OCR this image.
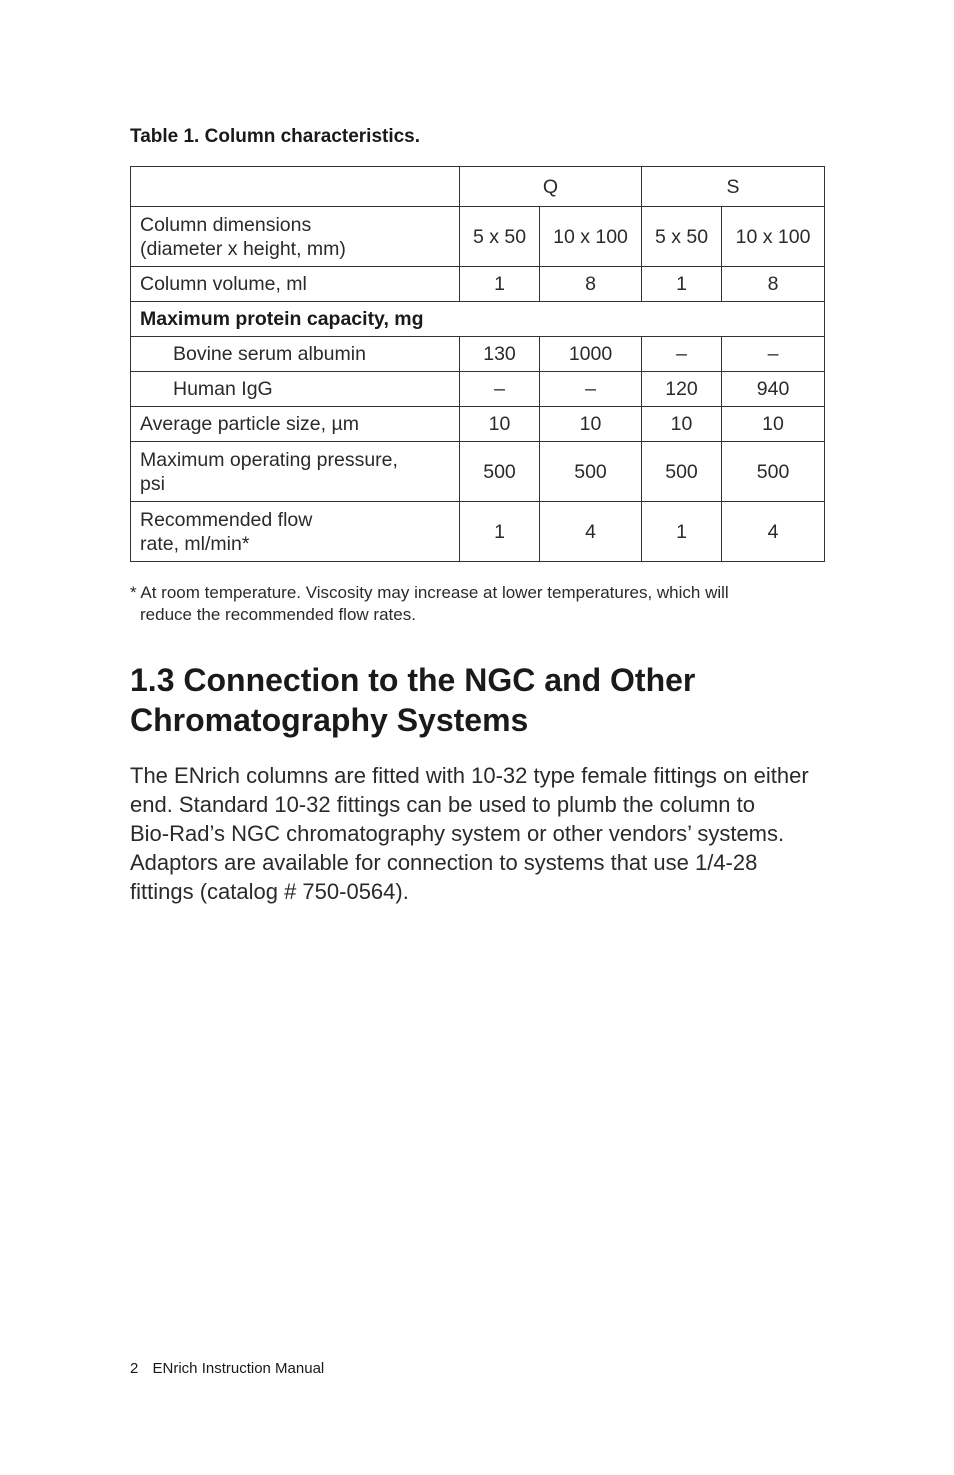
Table 1. Column characteristics.

	Q		S	
Column dimensions
(diameter x height, mm)	5 x 50	10 x 100	5 x 50	10 x 100
Column volume, ml	1	8	1	8
Maximum protein capacity, mg				
Bovine serum albumin	130	1000	–	–
Human IgG	–	–	120	940
Average particle size, µm	10	10	10	10
Maximum operating pressure,
psi	500	500	500	500
Recommended flow
rate, ml/min*	1	4	1	4

* At room temperature. Viscosity may increase at lower temperatures, which will
reduce the recommended flow rates.

1.3 Connection to the NGC and Other
Chromatography Systems

The ENrich columns are fitted with 10-32 type female fittings on either
end. Standard 10-32 fittings can be used to plumb the column to
Bio-Rad’s NGC chromatography system or other vendors’ systems.
Adaptors are available for connection to systems that use 1/4-28
fittings (catalog # 750-0564).

2 ENrich Instruction Manual
